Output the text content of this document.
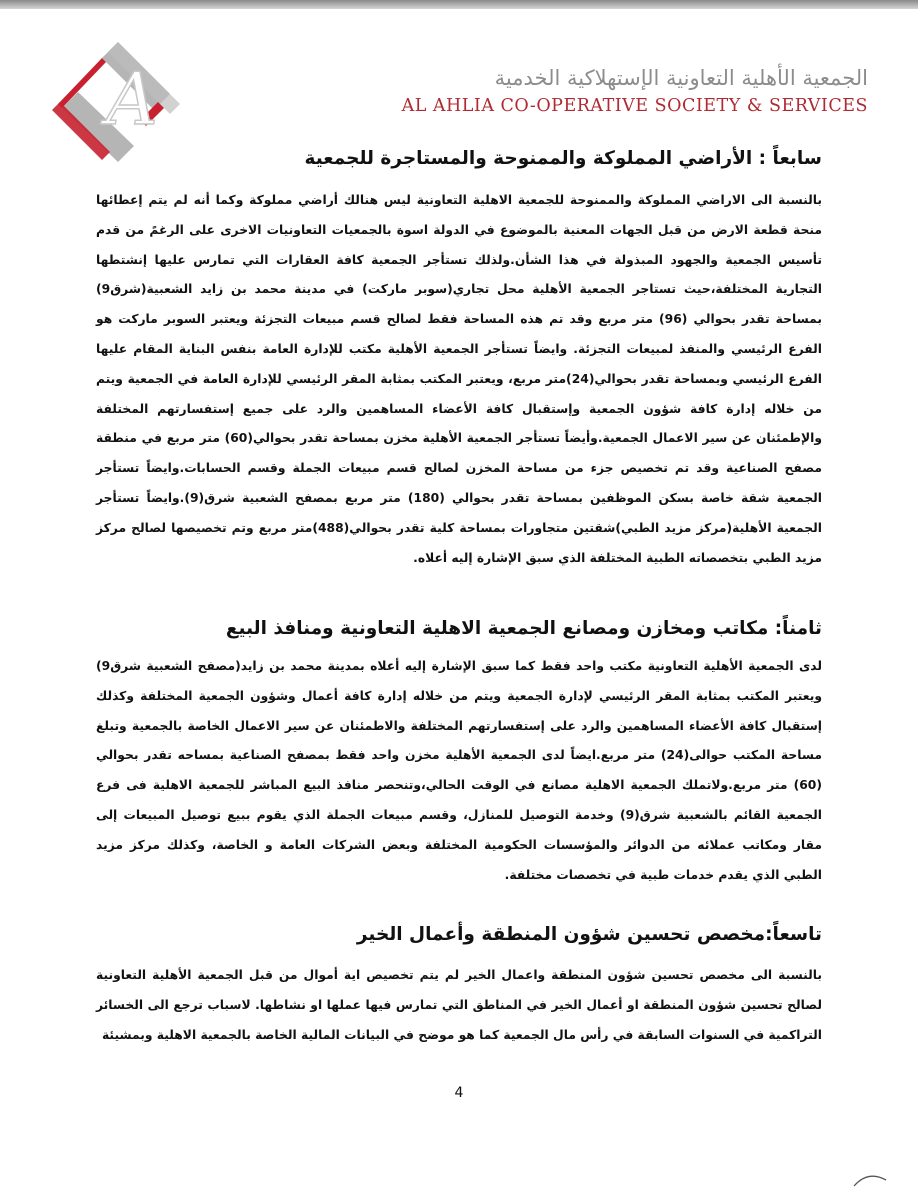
A	الجمعية الأهلية التعاونية الإستهلاكية الخدمية
AL AHLIA CO-OPERATIVE SOCIETY & SERVICES
سابعاً : الأراضي المملوكة والممنوحة والمستاجرة للجمعية
بالنسبة الى الاراضي المملوكة والممنوحة للجمعية الاهلية التعاونية ليس هنالك أراضي مملوكة وكما أنه لم يتم إعطائها منحة قطعة الارض من قبل الجهات المعنية بالموضوع في الدولة اسوة بالجمعيات التعاونيات الاخرى على الرغمً من قدم تأسيس الجمعية والجهود المبذولة في هذا الشأن.ولذلك تستأجر الجمعية كافة العقارات التي تمارس عليها إنشتطها التجارية المختلفة،حيث تستاجر الجمعية الأهلية محل تجاري(سوبر ماركت) في مدينة محمد بن زايد الشعبية(شرق9) بمساحة تقدر بحوالي (96) متر مربع وقد تم هذه المساحة فقط لصالح قسم مبيعات التجزئة ويعتبر السوبر ماركت هو الفرع الرئيسي والمنفذ لمبيعات التجزئة. وايضاً تستأجر الجمعية الأهلية مكتب للإدارة العامة بنفس البناية المقام عليها الفرع الرئيسي وبمساحة تقدر بحوالي(24)متر مربع، ويعتبر المكتب بمثابة المقر الرئيسي للإدارة العامة في الجمعية ويتم من خلاله إدارة كافة شؤون الجمعية وإستقبال كافة الأعضاء المساهمين والرد على جميع إستفسارتهم المختلفة والإطمئنان عن سير الاعمال الجمعية.وأيضاً تستأجر الجمعية الأهلية مخزن بمساحة تقدر بحوالي(60) متر مربع في منطقة مصفح الصناعية وقد تم تخصيص جزء من مساحة المخزن لصالح قسم مبيعات الجملة وقسم الحسابات.وايضاً تستأجر الجمعية شقة خاصة بسكن الموظفين بمساحة تقدر بحوالي (180) متر مربع بمصفح الشعبية شرق(9).وايضاً تستأجر الجمعية الأهلية(مركز مزيد الطبي)شقتين متجاورات بمساحة كلية تقدر بحوالي(488)متر مربع وتم تخصيصها لصالح مركز مزيد الطبي بتخصصاته الطبية المختلفة الذي سبق الإشارة إليه أعلاه.
ثامناً: مكاتب ومخازن ومصانع الجمعية الاهلية التعاونية ومنافذ البيع
لدى الجمعية الأهلية التعاونية مكتب واحد فقط كما سبق الإشارة إليه أعلاه بمدينة محمد بن زايد(مصفح الشعبية شرق9) ويعتبر المكتب بمثابة المقر الرئيسي لإدارة الجمعية ويتم من خلاله إدارة كافة أعمال وشؤون الجمعية المختلفة وكذلك إستقبال كافة الأعضاء المساهمين والرد على إستفسارتهم المختلفة والاطمئنان عن سير الاعمال الخاصة بالجمعية وتبلغ مساحة المكتب حوالى(24) متر مربع.ايضاً لدى الجمعية الأهلية مخزن واحد فقط بمصفح الصناعية بمساحه تقدر بحوالي (60) متر مربع.ولاتملك الجمعية الاهلية مصانع في الوقت الحالي،وتنحصر منافذ البيع المباشر للجمعية الاهلية فى فرع الجمعية القائم بالشعبية شرق(9) وخدمة التوصيل للمنازل، وقسم مبيعات الجملة الذي يقوم ببيع توصيل المبيعات إلى مقار ومكاتب عملائه من الدوائر والمؤسسات الحكومية المختلفة وبعض الشركات العامة و الخاصة، وكذلك مركز مزيد الطبي الذي يقدم خدمات طبية في تخصصات مختلفة.
تاسعاً:مخصص تحسين شؤون المنطقة وأعمال الخير
بالنسبة الى مخصص تحسين شؤون المنطقة واعمال الخير لم يتم تخصيص اية أموال من قبل الجمعية الأهلية التعاونية لصالح تحسين شؤون المنطقة او أعمال الخير في المناطق التي تمارس فيها عملها او نشاطها. لاسباب ترجع الى الخسائر التراكمية في السنوات السابقة في رأس مال الجمعية كما هو موضح في البيانات المالية الخاصة بالجمعية الاهلية وبمشيئة
4
